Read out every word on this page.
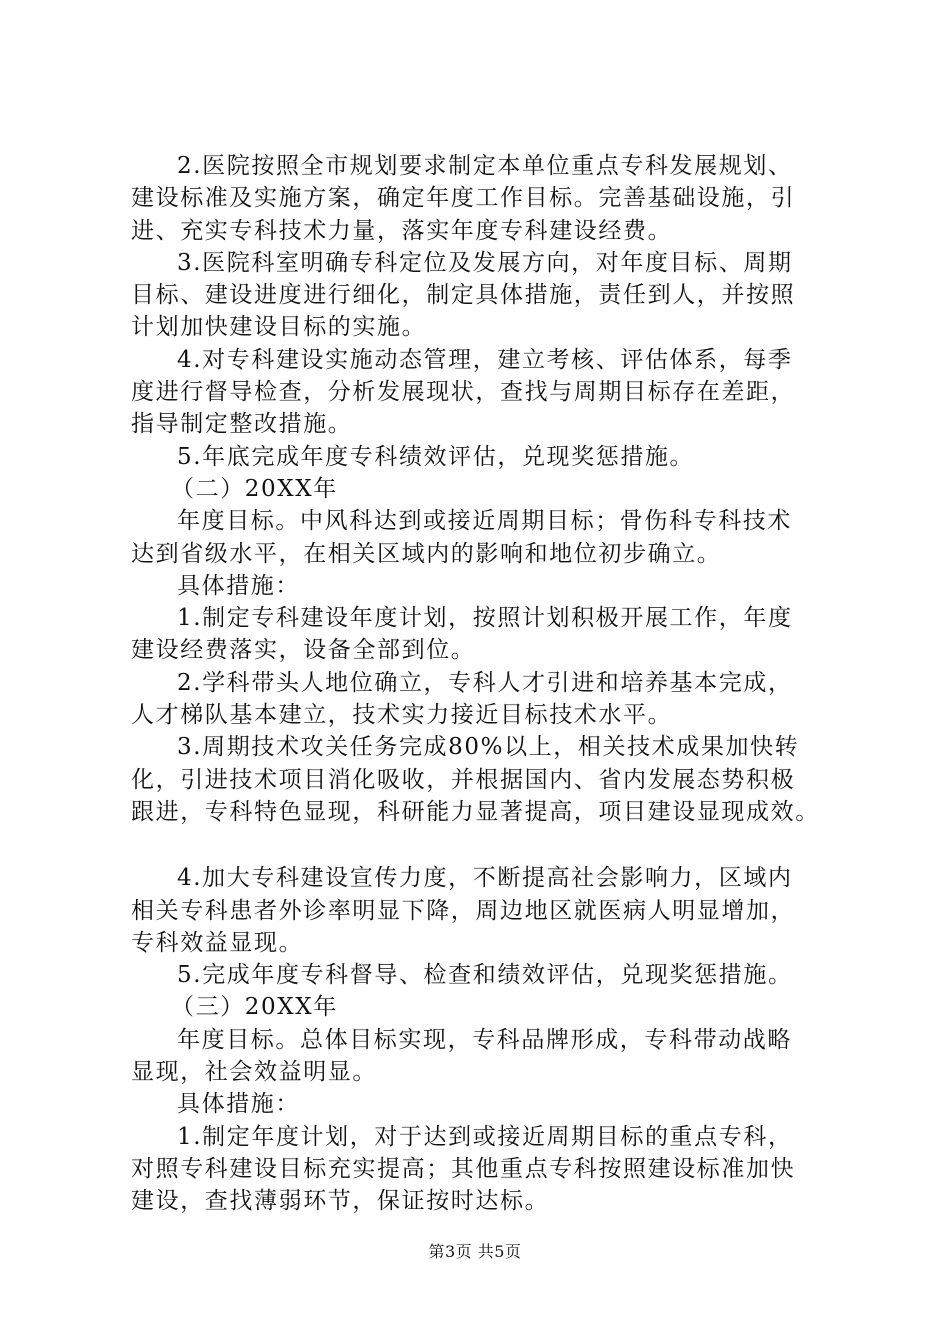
2.医院按照全市规划要求制定本单位重点专科发展规划、
建设标准及实施方案，确定年度工作目标。完善基础设施，引
进、充实专科技术力量，落实年度专科建设经费。
3.医院科室明确专科定位及发展方向，对年度目标、周期
目标、建设进度进行细化，制定具体措施，责任到人，并按照
计划加快建设目标的实施。
4.对专科建设实施动态管理，建立考核、评估体系，每季
度进行督导检查，分析发展现状，查找与周期目标存在差距，
指导制定整改措施。
5.年底完成年度专科绩效评估，兑现奖惩措施。
（二）20XX年
年度目标。中风科达到或接近周期目标；骨伤科专科技术
达到省级水平，在相关区域内的影响和地位初步确立。
具体措施：
1.制定专科建设年度计划，按照计划积极开展工作，年度
建设经费落实，设备全部到位。
2.学科带头人地位确立，专科人才引进和培养基本完成，
人才梯队基本建立，技术实力接近目标技术水平。
3.周期技术攻关任务完成80%以上，相关技术成果加快转
化，引进技术项目消化吸收，并根据国内、省内发展态势积极
跟进，专科特色显现，科研能力显著提高，项目建设显现成效。
4.加大专科建设宣传力度，不断提高社会影响力，区域内
相关专科患者外诊率明显下降，周边地区就医病人明显增加，
专科效益显现。
5.完成年度专科督导、检查和绩效评估，兑现奖惩措施。
（三）20XX年
年度目标。总体目标实现，专科品牌形成，专科带动战略
显现，社会效益明显。
具体措施：
1.制定年度计划，对于达到或接近周期目标的重点专科，
对照专科建设目标充实提高；其他重点专科按照建设标准加快
建设，查找薄弱环节，保证按时达标。
第3页 共5页
